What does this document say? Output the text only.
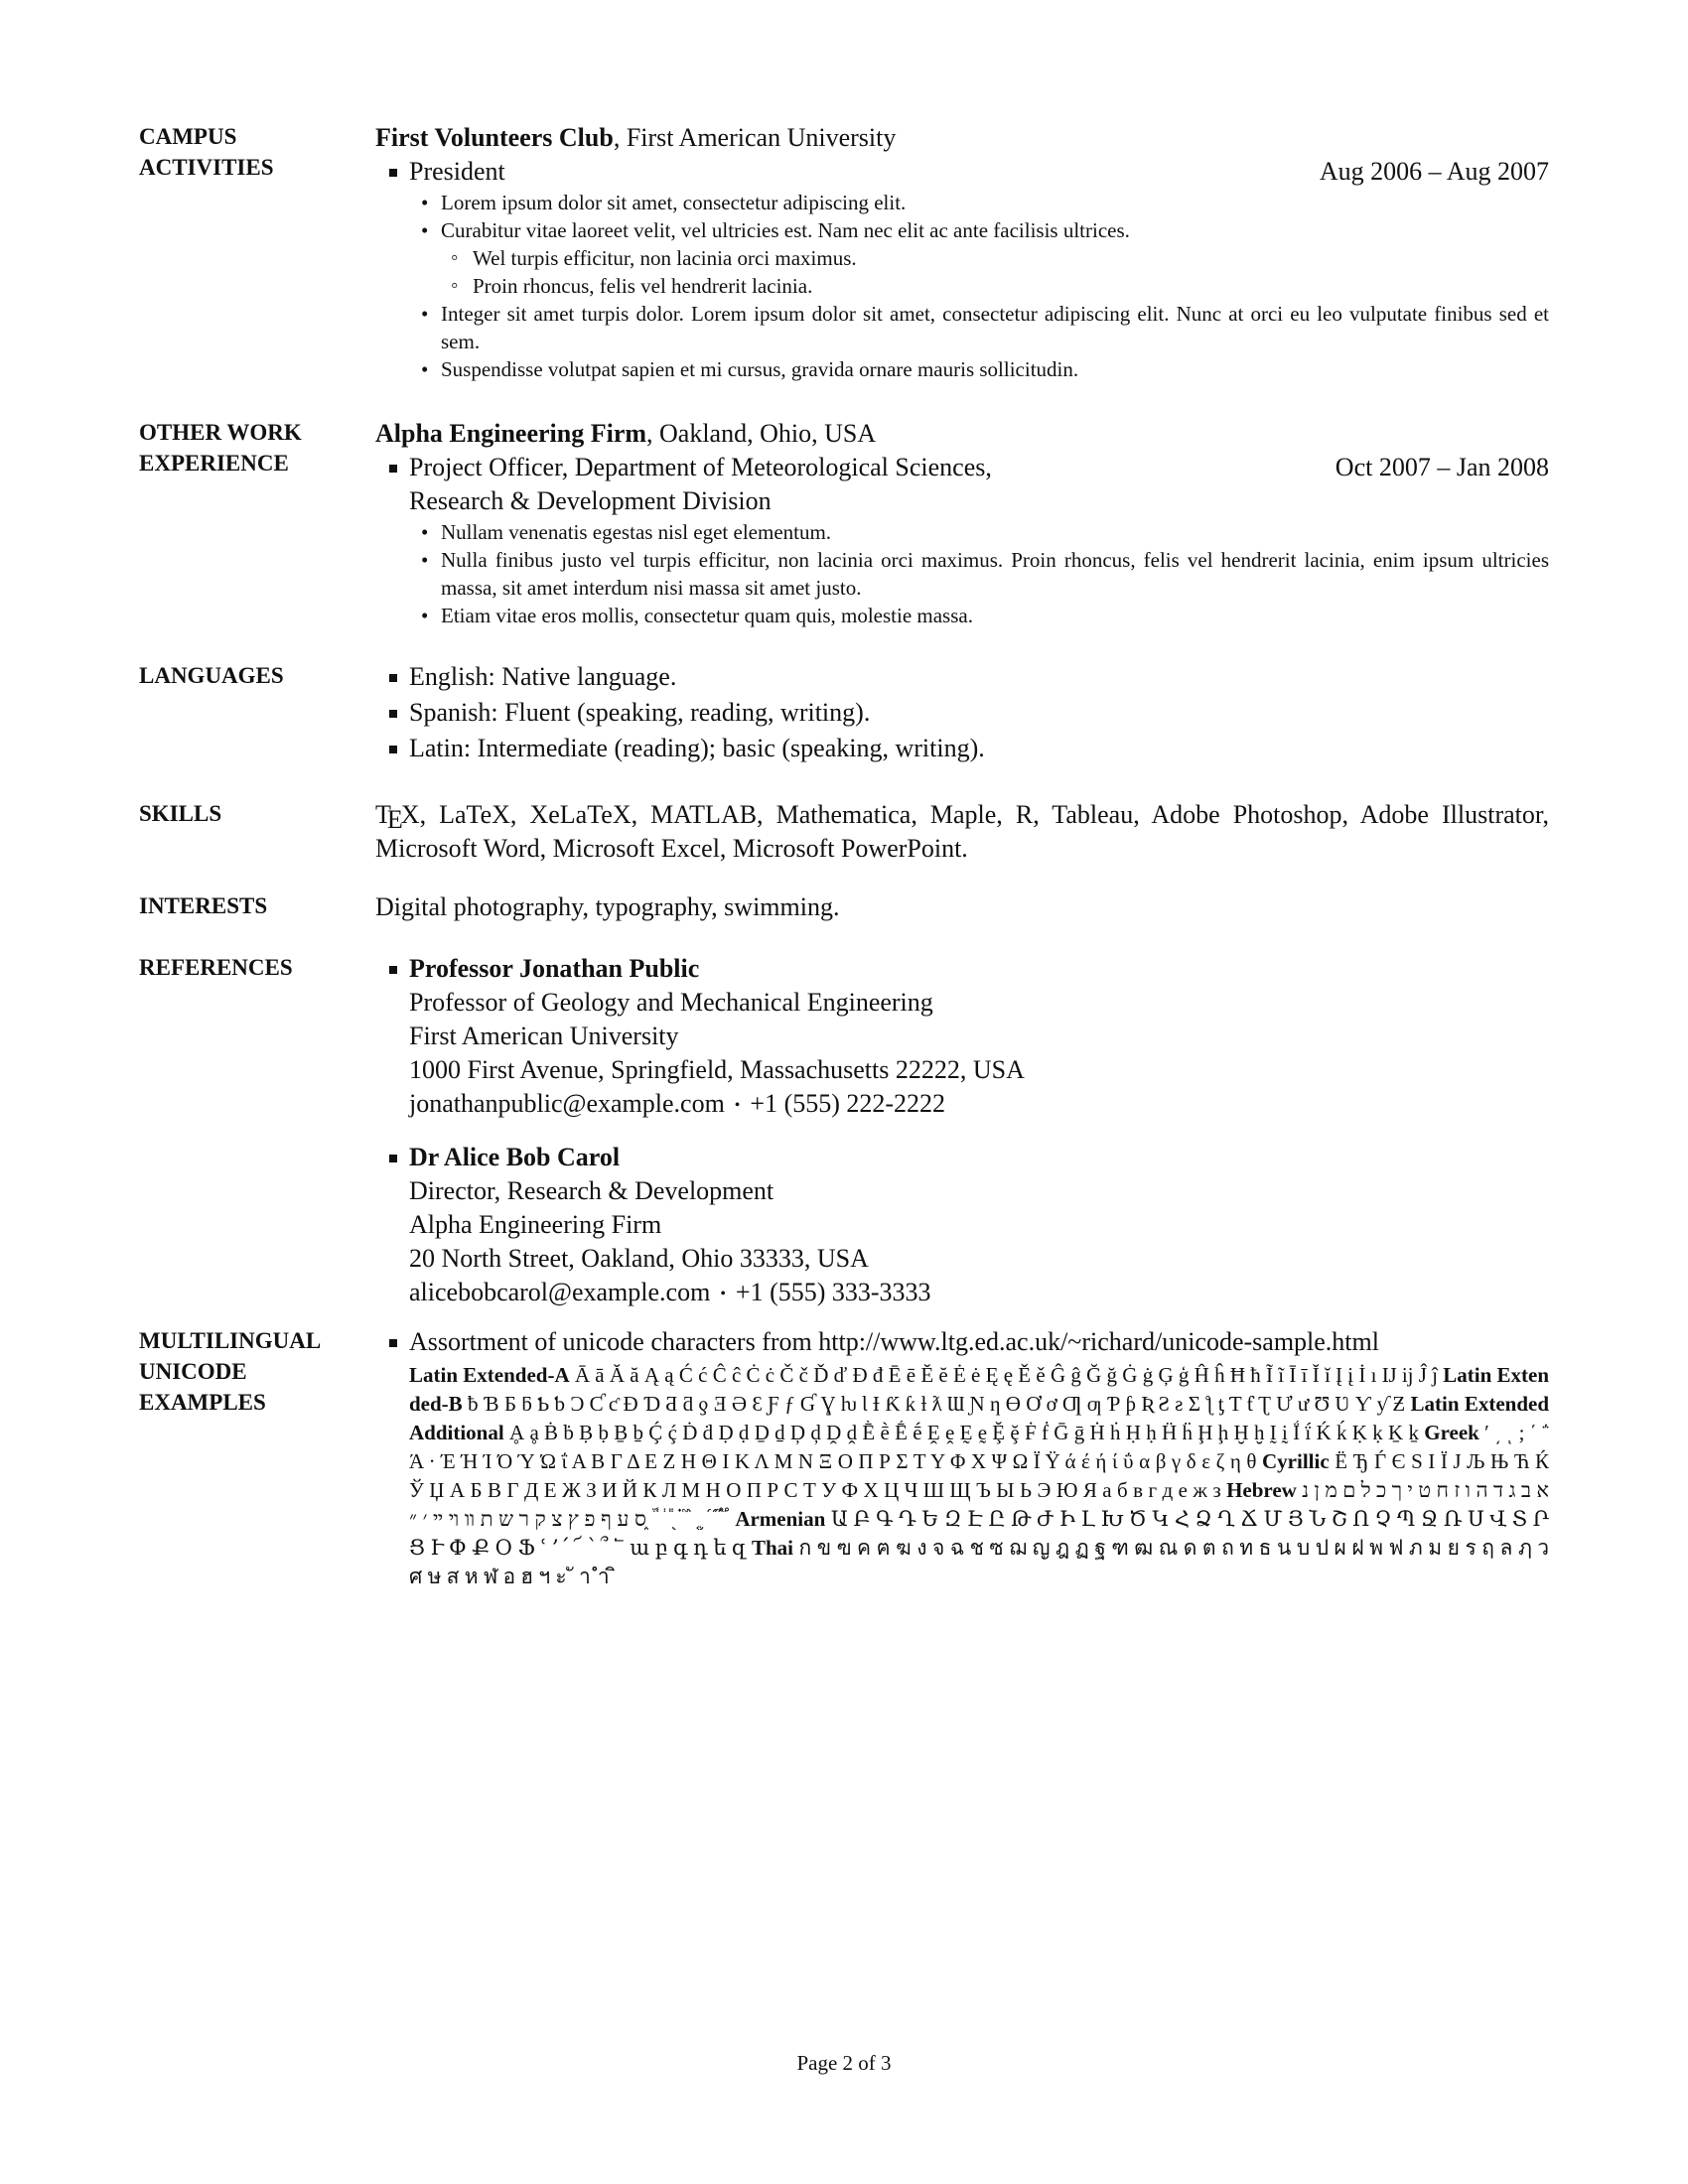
CAMPUS
ACTIVITIES
First Volunteers Club, First American University
President	Aug 2006 – Aug 2007
• Lorem ipsum dolor sit amet, consectetur adipiscing elit.
• Curabitur vitae laoreet velit, vel ultricies est. Nam nec elit ac ante facilisis ultrices.
◦ Wel turpis efficitur, non lacinia orci maximus.
◦ Proin rhoncus, felis vel hendrerit lacinia.
• Integer sit amet turpis dolor. Lorem ipsum dolor sit amet, consectetur adipiscing elit. Nunc at orci eu leo vulputate finibus sed et sem.
• Suspendisse volutpat sapien et mi cursus, gravida ornare mauris sollicitudin.
OTHER WORK
EXPERIENCE
Alpha Engineering Firm, Oakland, Ohio, USA
Project Officer, Department of Meteorological Sciences,
Research & Development Division
Oct 2007 – Jan 2008
• Nullam venenatis egestas nisl eget elementum.
• Nulla finibus justo vel turpis efficitur, non lacinia orci maximus. Proin rhoncus, felis vel hendrerit lacinia, enim ipsum ultricies massa, sit amet interdum nisi massa sit amet justo.
• Etiam vitae eros mollis, consectetur quam quis, molestie massa.
LANGUAGES	English: Native language.
Spanish: Fluent (speaking, reading, writing).
Latin: Intermediate (reading); basic (speaking, writing).
SKILLS	TEX, LaTeX, XeLaTeX, MATLAB, Mathematica, Maple, R, Tableau, Adobe Photoshop, Adobe Illustrator, Microsoft Word, Microsoft Excel, Microsoft PowerPoint.
INTERESTS	Digital photography, typography, swimming.
REFERENCES	Professor Jonathan Public
Professor of Geology and Mechanical Engineering
First American University
1000 First Avenue, Springfield, Massachusetts 22222, USA
jonathanpublic@example.com • +1 (555) 222-2222
Dr Alice Bob Carol
Director, Research & Development
Alpha Engineering Firm
20 North Street, Oakland, Ohio 33333, USA
alicebobcarol@example.com • +1 (555) 333-3333
MULTILINGUAL
UNICODE
EXAMPLES
Assortment of unicode characters from http://www.ltg.ed.ac.uk/~richard/unicode-sample.html
Latin Extended-A Ā ā Ă ă Ą ą Ć ć Ĉ ĉ Ċ ċ Č č Ď ď Đ đ Ē ē Ĕ ĕ Ė ė Ę ę Ě ě Ĝ ĝ Ğ ğ Ġ ġ Ģ ģ Ĥ ĥ Ħ ħ Ĩ ĩ Ī ī Ĭ ĭ Į į İ ı Ĳ ĳ Ĵ ĵ Latin Extended-B ƀ Ɓ Ƃ ƃ Ƅ ƅ Ɔ Ƈ ƈ Ɖ Ɗ Ƌ ƌ ƍ Ǝ Ə Ɛ Ƒ ƒ Ɠ Ɣ ƕ Ɩ Ɨ Ƙ ƙ ƚ ƛ Ɯ Ɲ ƞ Ɵ Ơ ơ Ƣ ƣ Ƥ ƥ Ʀ Ƨ ƨ Ʃ ƪ ƫ Ƭ ƭ Ʈ Ư ư Ʊ Ʋ Ƴ ƴ Ƶ Latin Extended Additional Ḁ ḁ Ḃ ḃ Ḅ ḅ Ḇ ḇ Ḉ ḉ Ḋ ḋ Ḍ ḍ Ḏ ḏ Ḑ ḑ Ḓ ḓ Ḕ ḕ Ḗ ḗ Ḙ ḙ Ḛ ḛ Ḝ ḝ Ḟ ḟ Ḡ ḡ Ḣ ḣ Ḥ ḥ Ḧ ḧ Ḩ ḩ Ḫ ḫ Ḭ ḭ Ḯ ḯ Ḱ ḱ Ḳ ḳ Ḵ ḵ Greek ʹ ͵ ͺ ; ΄ ΅ Ά · Έ Ή Ί Ό Ύ Ώ ΐ Α Β Γ Δ Ε Ζ Η Θ Ι Κ Λ Μ Ν Ξ Ο Π Ρ Σ Τ Υ Φ Χ Ψ Ω Ϊ Ϋ ά έ ή ί ΰ α β γ δ ε ζ η θ Cyrillic Ё Ђ Ѓ Є Ѕ І Ї Ј Љ Њ Ћ Ќ Ў Џ А Б В Г Д Е Ж З И Й К Л М Н О П Р С Т У Ф Х Ц Ч Ш Щ Ъ Ы Ь Э Ю Я а б в г д е ж з Hebrew א ב ג ד ה ו ז ח ט י ך כ ל ם מ ן נ ס ע ף פ ץ צ ק ר ש ת װ ױ ײ ׳ ״ ֑ ֒ ֓ ֔ ֕ ֖ ֗ ֘ ֙ ֚ ֛ ֜ ֝ ֞ ֟ Armenian Ա Բ Գ Դ Ե Զ Է Ը Թ Ժ Ի Լ Խ Ծ Կ Հ Ձ Ղ Ճ Մ Յ Ն Շ Ո Չ Պ Ջ Ռ Ս Վ Տ Ր Ց Ւ Փ Ք Օ Ֆ ՙ ՚ ՛ ՜ ՝ ՞ ՟ ա բ գ դ ե զ Thai ก ข ฃ ค ฅ ฆ ง จ ฉ ช ซ ฌ ญ ฎ ฏ ฐ ฑ ฒ ณ ด ต ถ ท ธ น บ ป ผ ฝ พ ฟ ภ ม ย ร ฤ ล ฦ ว ศ ษ ส ห ฬ อ ฮ ฯ ะ ั า ำ ิ
Page 2 of 3
